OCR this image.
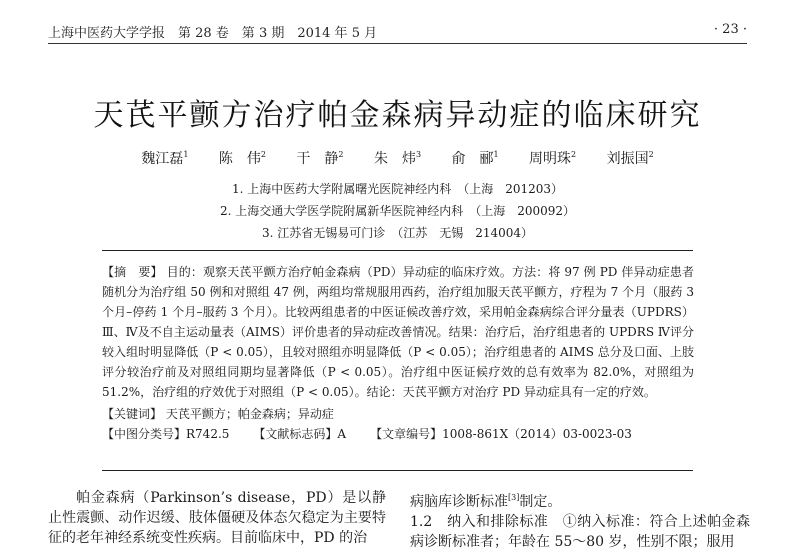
上海中医药大学学报　第 28 卷　第 3 期　2014 年 5 月	· 23 ·
天芪平颤方治疗帕金森病异动症的临床研究
魏江磊$^1$ 陈　伟$^2$ 干　静$^2$ 朱　炜$^3$ 俞　郦$^1$ 周明珠$^2$ 刘振国$^2$
1. 上海中医药大学附属曙光医院神经内科　（上海　201203）
2. 上海交通大学医学院附属新华医院神经内科　（上海　200092）
3. 江苏省无锡易可门诊　（江苏　无锡　214004）
【摘　要】 目的：观察天芪平颤方治疗帕金森病（PD）异动症的临床疗效。方法：将 97 例 PD 伴异动症患者随机分为治疗组 50 例和对照组 47 例，两组均常规服用西药，治疗组加服天芪平颤方，疗程为 7 个月（服药 3 个月–停药 1 个月–服药 3 个月）。比较两组患者的中医证候改善疗效，采用帕金森病综合评分量表（UPDRS）Ⅲ、Ⅳ及不自主运动量表（AIMS）评价患者的异动症改善情况。结果：治疗后，治疗组患者的 UPDRS Ⅳ评分较入组时明显降低（P < 0.05），且较对照组亦明显降低（P < 0.05）；治疗组患者的 AIMS 总分及口面、上肢评分较治疗前及对照组同期均显著降低（P < 0.05）。治疗组中医证候疗效的总有效率为 82.0%，对照组为 51.2%，治疗组的疗效优于对照组（P < 0.05）。结论：天芪平颤方对治疗 PD 异动症具有一定的疗效。
【关键词】 天芪平颤方；帕金森病；异动症
【中图分类号】R742.5 【文献标志码】A 【文章编号】1008-861X（2014）03-0023-03
帕金森病（Parkinson’s disease，PD）是以静止性震颤、动作迟缓、肢体僵硬及体态欠稳定为主要特征的老年神经系统变性疾病。目前临床中，PD 的治
病脑库诊断标准[3]制定。
1.2　纳入和排除标准　①纳入标准：符合上述帕金森病诊断标准者；年龄在 55～80 岁，性别不限；服用
